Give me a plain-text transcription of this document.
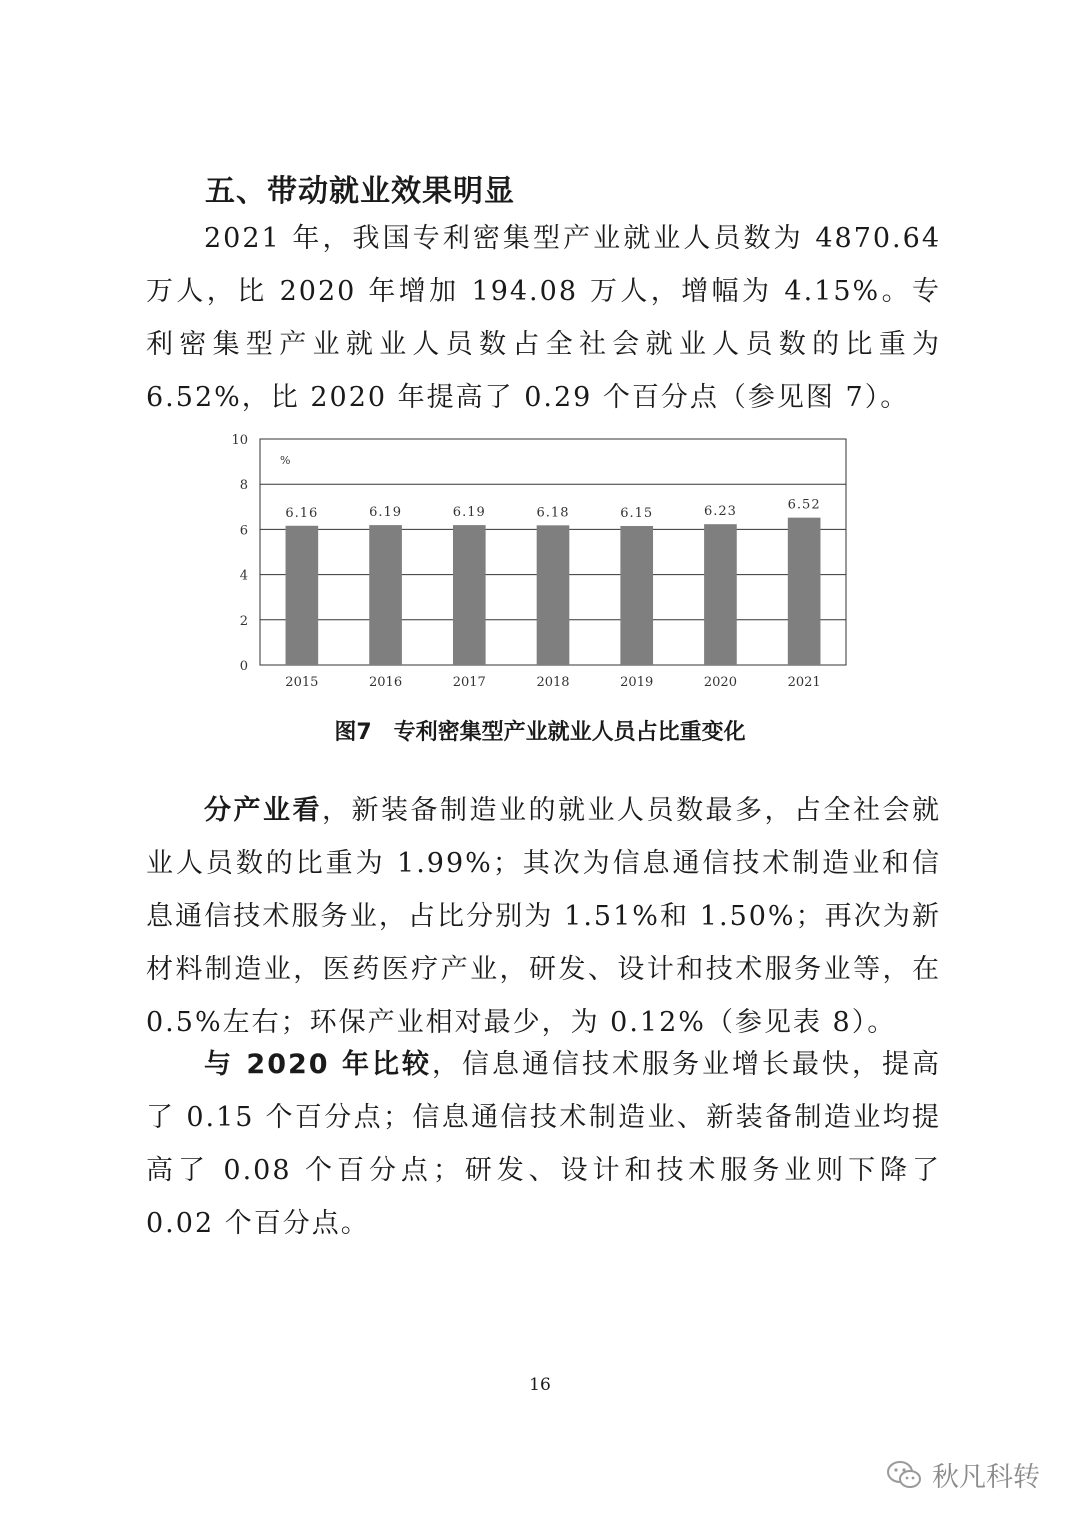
五、带动就业效果明显

2021 年，我国专利密集型产业就业人员数为 4870.64 万人，比 2020 年增加 194.08 万人，增幅为 4.15%。专利密集型产业就业人员数占全社会就业人员数的比重为 6.52%，比 2020 年提高了 0.29 个百分点（参见图 7）。

0
2
4
6
8
10
%
6.16
2015
6.19
2016
6.19
2017
6.18
2018
6.15
2019
6.23
2020
6.52
2021

图7 专利密集型产业就业人员占比重变化

分产业看，新装备制造业的就业人员数最多，占全社会就业人员数的比重为 1.99%；其次为信息通信技术制造业和信息通信技术服务业，占比分别为 1.51%和 1.50%；再次为新材料制造业，医药医疗产业，研发、设计和技术服务业等，在 0.5%左右；环保产业相对最少，为 0.12%（参见表 8）。

与 2020 年比较，信息通信技术服务业增长最快，提高了 0.15 个百分点；信息通信技术制造业、新装备制造业均提高了 0.08 个百分点；研发、设计和技术服务业则下降了 0.02 个百分点。

16

秋凡科转
